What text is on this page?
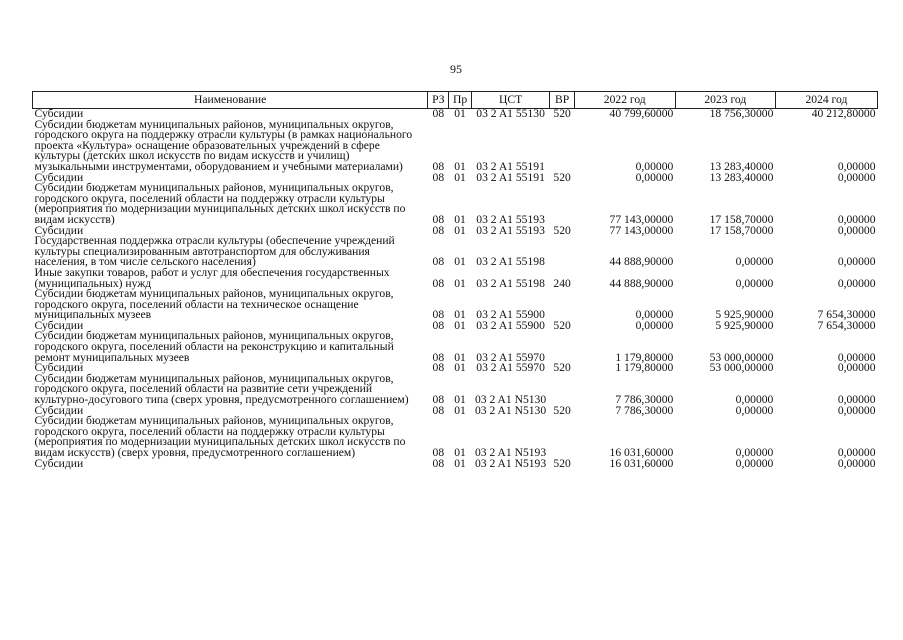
95
Наименование	РЗ	Пр	ЦСТ	ВР	2022 год	2023 год	2024 год
Субсидии	08	01	03 2 A1 55130	520	40 799,60000	18 756,30000	40 212,80000
Субсидии бюджетам муниципальных районов, муниципальных округов, городского округа на поддержку отрасли культуры (в рамках национального проекта «Культура» оснащение образовательных учреждений в сфере культуры (детских школ искусств по видам искусств и училищ) музыкальными инструментами, оборудованием и учебными материалами)	08	01	03 2 A1 55191		0,00000	13 283,40000	0,00000
Субсидии	08	01	03 2 A1 55191	520	0,00000	13 283,40000	0,00000
Субсидии бюджетам муниципальных районов, муниципальных округов, городского округа, поселений области на поддержку отрасли культуры (мероприятия по модернизации муниципальных детских школ искусств по видам искусств)	08	01	03 2 A1 55193		77 143,00000	17 158,70000	0,00000
Субсидии	08	01	03 2 A1 55193	520	77 143,00000	17 158,70000	0,00000
Государственная поддержка отрасли культуры (обеспечение учреждений культуры специализированным автотранспортом для обслуживания населения, в том числе сельского населения)	08	01	03 2 A1 55198		44 888,90000	0,00000	0,00000
Иные закупки товаров, работ и услуг для обеспечения государственных (муниципальных) нужд	08	01	03 2 A1 55198	240	44 888,90000	0,00000	0,00000
Субсидии бюджетам муниципальных районов, муниципальных округов, городского округа, поселений области на техническое оснащение муниципальных музеев	08	01	03 2 A1 55900		0,00000	5 925,90000	7 654,30000
Субсидии	08	01	03 2 A1 55900	520	0,00000	5 925,90000	7 654,30000
Субсидии бюджетам муниципальных районов, муниципальных округов, городского округа, поселений области на реконструкцию и капитальный ремонт муниципальных музеев	08	01	03 2 A1 55970		1 179,80000	53 000,00000	0,00000
Субсидии	08	01	03 2 A1 55970	520	1 179,80000	53 000,00000	0,00000
Субсидии бюджетам муниципальных районов, муниципальных округов, городского округа, поселений области на развитие сети учреждений культурно-досугового типа (сверх уровня, предусмотренного соглашением)	08	01	03 2 A1 N5130		7 786,30000	0,00000	0,00000
Субсидии	08	01	03 2 A1 N5130	520	7 786,30000	0,00000	0,00000
Субсидии бюджетам муниципальных районов, муниципальных округов, городского округа, поселений области на поддержку отрасли культуры (мероприятия по модернизации муниципальных детских школ искусств по видам искусств) (сверх уровня, предусмотренного соглашением)	08	01	03 2 A1 N5193		16 031,60000	0,00000	0,00000
Субсидии	08	01	03 2 A1 N5193	520	16 031,60000	0,00000	0,00000
